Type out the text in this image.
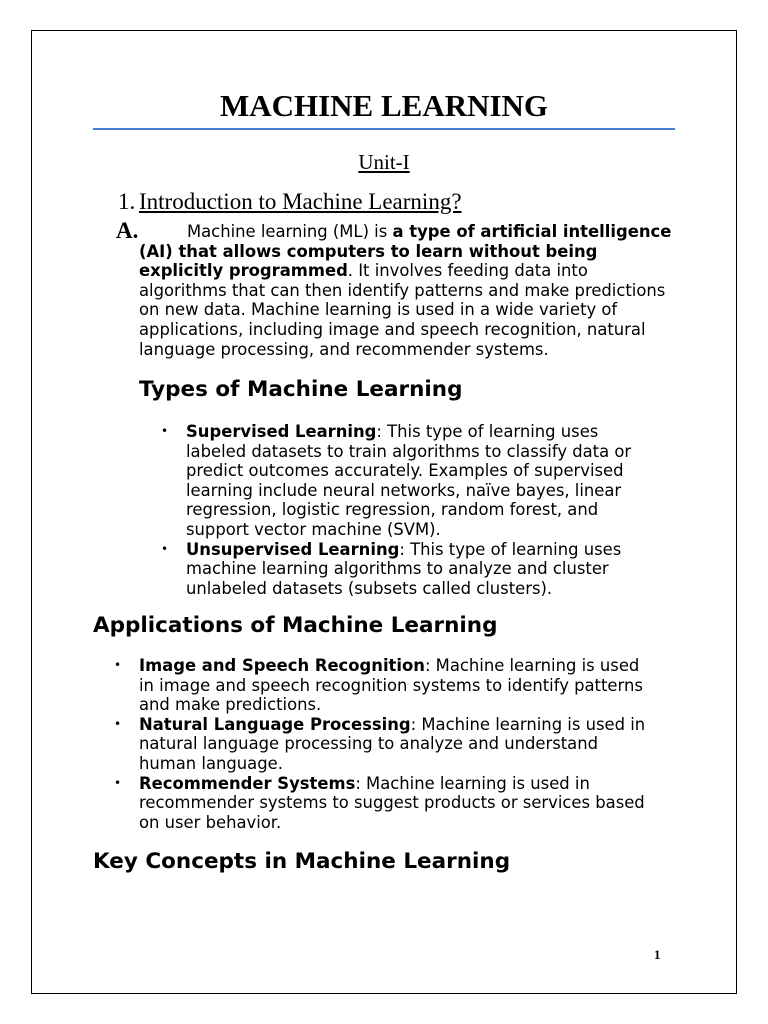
MACHINE LEARNING
Unit-I
1. Introduction to Machine Learning?
A.	Machine learning (ML) is a type of artificial intelligence (AI) that allows computers to learn without being explicitly programmed. It involves feeding data into algorithms that can then identify patterns and make predictions on new data. Machine learning is used in a wide variety of applications, including image and speech recognition, natural language processing, and recommender systems.

Types of Machine Learning
• Supervised Learning: This type of learning uses labeled datasets to train algorithms to classify data or predict outcomes accurately. Examples of supervised learning include neural networks, naïve bayes, linear regression, logistic regression, random forest, and support vector machine (SVM).
• Unsupervised Learning: This type of learning uses machine learning algorithms to analyze and cluster unlabeled datasets (subsets called clusters).
Applications of Machine Learning
• Image and Speech Recognition: Machine learning is used in image and speech recognition systems to identify patterns and make predictions.
• Natural Language Processing: Machine learning is used in natural language processing to analyze and understand human language.
• Recommender Systems: Machine learning is used in recommender systems to suggest products or services based on user behavior.
Key Concepts in Machine Learning
1
